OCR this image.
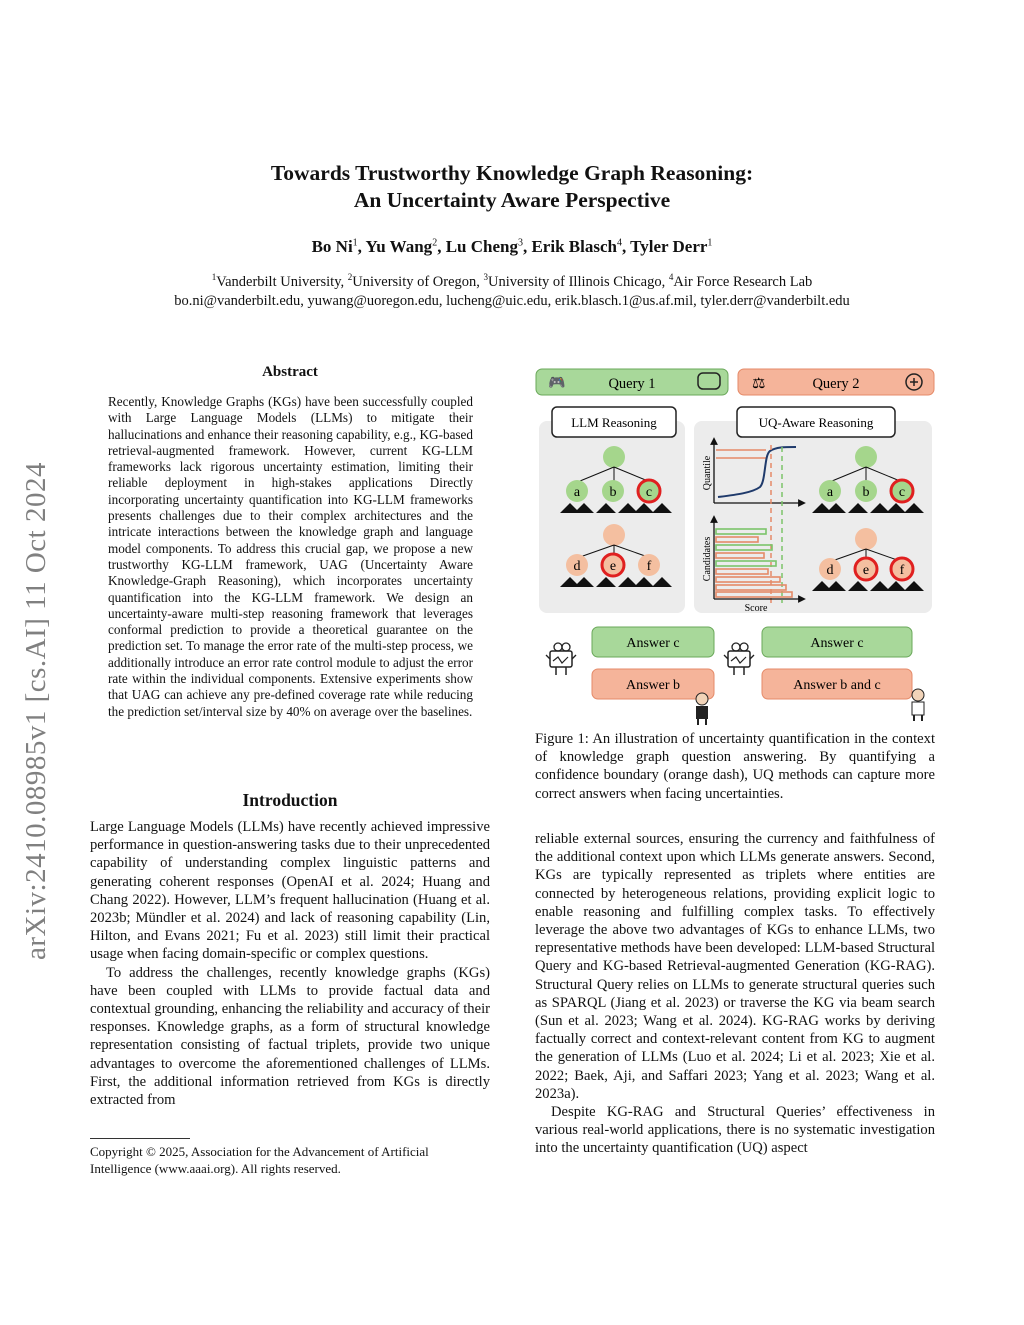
arXiv:2410.08985v1 [cs.AI] 11 Oct 2024
Towards Trustworthy Knowledge Graph Reasoning:
An Uncertainty Aware Perspective
Bo Ni$^1$, Yu Wang$^2$, Lu Cheng$^3$, Erik Blasch$^4$, Tyler Derr$^1$
$^1$Vanderbilt University, $^2$University of Oregon, $^3$University of Illinois Chicago, $^4$Air Force Research Lab
bo.ni@vanderbilt.edu, yuwang@uoregon.edu, lucheng@uic.edu, erik.blasch.1@us.af.mil, tyler.derr@vanderbilt.edu
Abstract
Recently, Knowledge Graphs (KGs) have been successfully coupled with Large Language Models (LLMs) to mitigate their hallucinations and enhance their reasoning capability, e.g., KG-based retrieval-augmented framework. However, current KG-LLM frameworks lack rigorous uncertainty estimation, limiting their reliable deployment in high-stakes applications Directly incorporating uncertainty quantification into KG-LLM frameworks presents challenges due to their complex architectures and the intricate interactions between the knowledge graph and language model components. To address this crucial gap, we propose a new trustworthy KG-LLM framework, UAG (Uncertainty Aware Knowledge-Graph Reasoning), which incorporates uncertainty quantification into the KG-LLM framework. We design an uncertainty-aware multi-step reasoning framework that leverages conformal prediction to provide a theoretical guarantee on the prediction set. To manage the error rate of the multi-step process, we additionally introduce an error rate control module to adjust the error rate within the individual components. Extensive experiments show that UAG can achieve any pre-defined coverage rate while reducing the prediction set/interval size by 40% on average over the baselines.
Introduction

Large Language Models (LLMs) have recently achieved impressive performance in question-answering tasks due to their unprecedented capability of understanding complex linguistic patterns and generating coherent responses (OpenAI et al. 2024; Huang and Chang 2022). However, LLM’s frequent hallucination (Huang et al. 2023b; Mündler et al. 2024) and lack of reasoning capability (Lin, Hilton, and Evans 2021; Fu et al. 2023) still limit their practical usage when facing domain-specific or complex questions.

To address the challenges, recently knowledge graphs (KGs) have been coupled with LLMs to provide factual data and contextual grounding, enhancing the reliability and accuracy of their responses. Knowledge graphs, as a form of structural knowledge representation consisting of factual triplets, provide two unique advantages to overcome the aforementioned challenges of LLMs. First, the additional information retrieved from KGs is directly extracted from

Copyright © 2025, Association for the Advancement of Artificial Intelligence (www.aaai.org). All rights reserved.

reliable external sources, ensuring the currency and faithfulness of the additional context upon which LLMs generate answers. Second, KGs are typically represented as triplets where entities are connected by heterogeneous relations, providing explicit logic to enable reasoning and fulfilling complex tasks. To effectively leverage the above two advantages of KGs to enhance LLMs, two representative methods have been developed: LLM-based Structural Query and KG-based Retrieval-augmented Generation (KG-RAG). Structural Query relies on LLMs to generate structural queries such as SPARQL (Jiang et al. 2023) or traverse the KG via beam search (Sun et al. 2023; Wang et al. 2024). KG-RAG works by deriving factually correct and context-relevant content from KG to augment the generation of LLMs (Luo et al. 2024; Li et al. 2023; Xie et al. 2022; Baek, Aji, and Saffari 2023; Yang et al. 2023; Wang et al. 2023a).

Despite KG-RAG and Structural Queries’ effectiveness in various real-world applications, there is no systematic investigation into the uncertainty quantification (UQ) aspect

Figure 1: An illustration of uncertainty quantification in the context of knowledge graph question answering. By quantifying a confidence boundary (orange dash), UQ methods can capture more correct answers when facing uncertainties.
🎮	Query 1	⚖	Query 2
LLM Reasoning	UQ-Aware Reasoning
a b c
d e f
Quantile
Candidates
Score
a b c
d e f
Answer c
Answer b
Answer c
Answer b and c
